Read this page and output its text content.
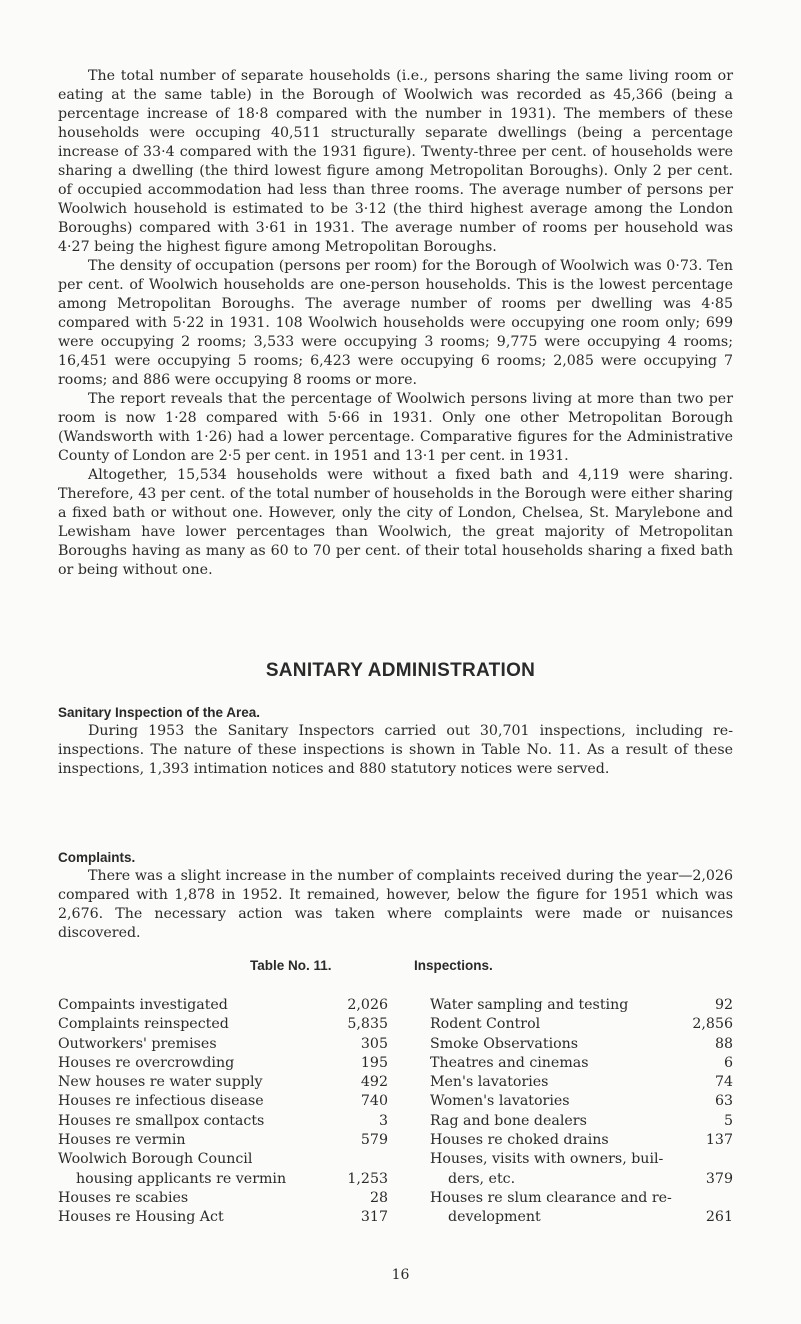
The total number of separate households (i.e., persons sharing the same living room or eating at the same table) in the Borough of Woolwich was recorded as 45,366 (being a percentage increase of 18·8 compared with the number in 1931). The members of these households were occuping 40,511 structurally separate dwellings (being a percentage increase of 33·4 compared with the 1931 figure). Twenty-three per cent. of households were sharing a dwelling (the third lowest figure among Metropolitan Boroughs). Only 2 per cent. of occupied accommodation had less than three rooms. The average number of persons per Woolwich household is estimated to be 3·12 (the third highest average among the London Boroughs) compared with 3·61 in 1931. The average number of rooms per household was 4·27 being the highest figure among Metropolitan Boroughs.

The density of occupation (persons per room) for the Borough of Woolwich was 0·73. Ten per cent. of Woolwich households are one-person households. This is the lowest percentage among Metropolitan Boroughs. The average number of rooms per dwelling was 4·85 compared with 5·22 in 1931. 108 Woolwich households were occupying one room only; 699 were occupying 2 rooms; 3,533 were occupying 3 rooms; 9,775 were occupying 4 rooms; 16,451 were occupying 5 rooms; 6,423 were occupying 6 rooms; 2,085 were occupying 7 rooms; and 886 were occupying 8 rooms or more.

The report reveals that the percentage of Woolwich persons living at more than two per room is now 1·28 compared with 5·66 in 1931. Only one other Metropolitan Borough (Wandsworth with 1·26) had a lower percentage. Comparative figures for the Administrative County of London are 2·5 per cent. in 1951 and 13·1 per cent. in 1931.

Altogether, 15,534 households were without a fixed bath and 4,119 were sharing. Therefore, 43 per cent. of the total number of households in the Borough were either sharing a fixed bath or without one. However, only the city of London, Chelsea, St. Marylebone and Lewisham have lower percentages than Woolwich, the great majority of Metropolitan Boroughs having as many as 60 to 70 per cent. of their total households sharing a fixed bath or being without one.

SANITARY ADMINISTRATION

Sanitary Inspection of the Area.

During 1953 the Sanitary Inspectors carried out 30,701 inspections, including re-inspections. The nature of these inspections is shown in Table No. 11. As a result of these inspections, 1,393 intimation notices and 880 statutory notices were served.

Complaints.

There was a slight increase in the number of complaints received during the year—2,026 compared with 1,878 in 1952. It remained, however, below the figure for 1951 which was 2,676. The necessary action was taken where complaints were made or nuisances discovered.

Table No. 11.	Inspections.
Compaints investigated	2,026
Complaints reinspected	5,835
Outworkers' premises	305
Houses re overcrowding	195
New houses re water supply	492
Houses re infectious disease	740
Houses re smallpox contacts	3
Houses re vermin	579
Woolwich Borough Council
housing applicants re vermin	1,253
Houses re scabies	28
Houses re Housing Act	317
Water sampling and testing	92
Rodent Control	2,856
Smoke Observations	88
Theatres and cinemas	6
Men's lavatories	74
Women's lavatories	63
Rag and bone dealers	5
Houses re choked drains	137
Houses, visits with owners, buil-
ders, etc.	379
Houses re slum clearance and re-
development	261
16
